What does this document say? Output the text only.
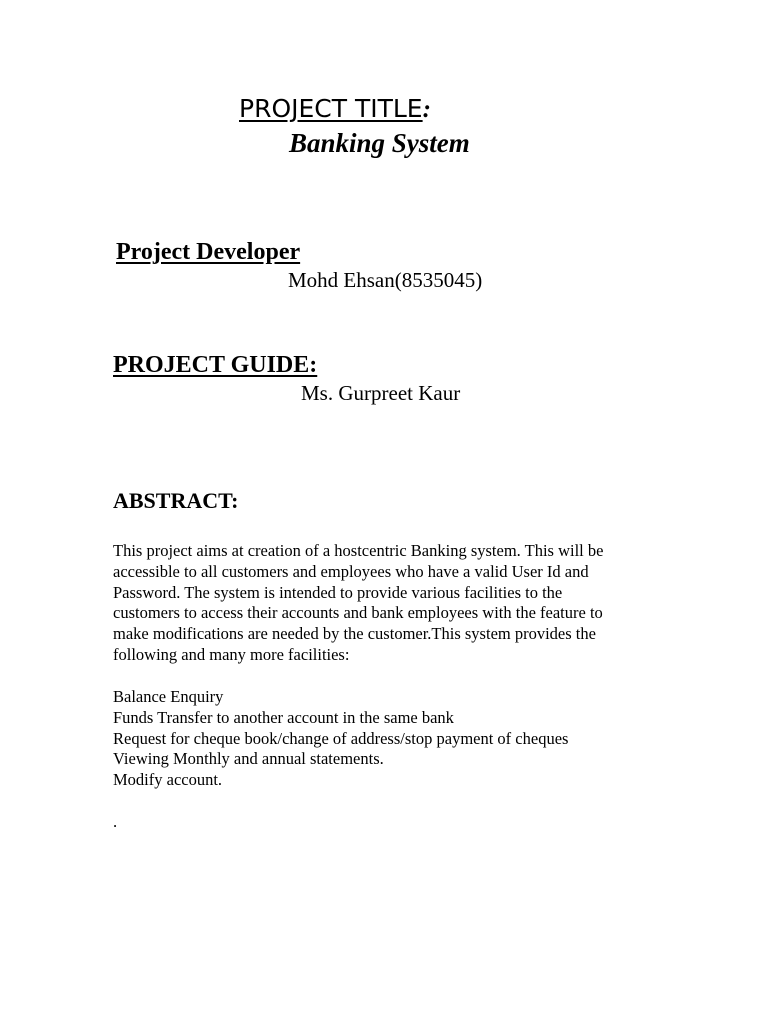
PROJECT TITLE:
Banking System
Project Developer
Mohd Ehsan(8535045)
PROJECT GUIDE:
Ms. Gurpreet Kaur
ABSTRACT:
This project aims at creation of a hostcentric Banking system. This will be
accessible to all customers and employees who have a valid User Id and
Password. The system is intended to provide various facilities to the
customers to access their accounts and bank employees with the feature to
make modifications are needed by the customer.This system provides the
following and many more facilities:
Balance Enquiry
Funds Transfer to another account in the same bank
Request for cheque book/change of address/stop payment of cheques
Viewing Monthly and annual statements.
Modify account.
.
